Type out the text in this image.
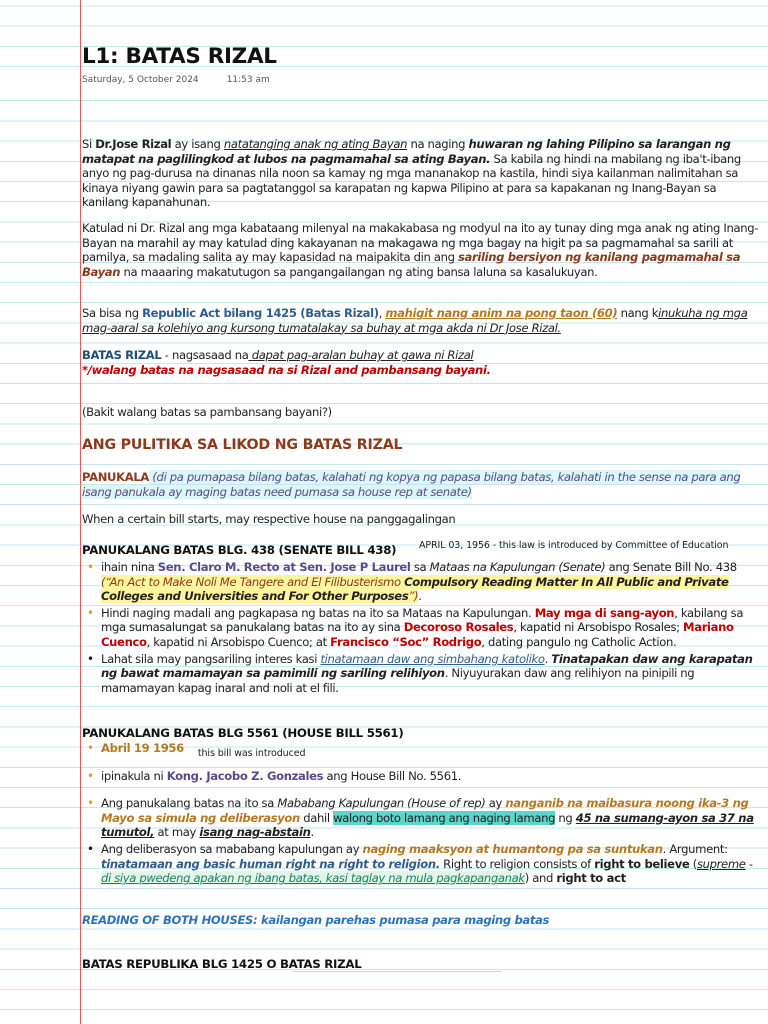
L1: BATAS RIZAL
Saturday, 5 October 2024	11:53 am
Si Dr.Jose Rizal ay isang natatanging anak ng ating Bayan na naging huwaran ng lahing Pilipino sa larangan ng matapat na paglilingkod at lubos na pagmamahal sa ating Bayan. Sa kabila ng hindi na mabilang ng iba't-ibang anyo ng pag-durusa na dinanas nila noon sa kamay ng mga mananakop na kastila, hindi siya kailanman nalimitahan sa kinaya niyang gawin para sa pagtatanggol sa karapatan ng kapwa Pilipino at para sa kapakanan ng Inang-Bayan sa kanilang kapanahunan.
Katulad ni Dr. Rizal ang mga kabataang milenyal na makakabasa ng modyul na ito ay tunay ding mga anak ng ating Inang-Bayan na marahil ay may katulad ding kakayanan na makagawa ng mga bagay na higit pa sa pagmamahal sa sarili at pamilya, sa madaling salita ay may kapasidad na maipakita din ang sariling bersiyon ng kanilang pagmamahal sa Bayan na maaaring makatutugon sa pangangailangan ng ating bansa laluna sa kasalukuyan.
Sa bisa ng Republic Act bilang 1425 (Batas Rizal), mahigit nang anim na pong taon (60) nang kinukuha ng mga mag-aaral sa kolehiyo ang kursong tumatalakay sa buhay at mga akda ni Dr Jose Rizal.
BATAS RIZAL - nagsasaad na dapat pag-aralan buhay at gawa ni Rizal
*/walang batas na nagsasaad na si Rizal and pambansang bayani.
(Bakit walang batas sa pambansang bayani?)
ANG PULITIKA SA LIKOD NG BATAS RIZAL
PANUKALA (di pa pumapasa bilang batas, kalahati ng kopya ng papasa bilang batas, kalahati in the sense na para ang isang panukala ay maging batas need pumasa sa house rep at senate)
When a certain bill starts, may respective house na panggagalingan
PANUKALANG BATAS BLG. 438 (SENATE BILL 438)	APRIL 03, 1956 - this law is introduced by Committee of Education
• ihain nina Sen. Claro M. Recto at Sen. Jose P Laurel sa Mataas na Kapulungan (Senate) ang Senate Bill No. 438 (“An Act to Make Noli Me Tangere and El Filibusterismo Compulsory Reading Matter In All Public and Private Colleges and Universities and For Other Purposes”).
• Hindi naging madali ang pagkapasa ng batas na ito sa Mataas na Kapulungan. May mga di sang-ayon, kabilang sa mga sumasalungat sa panukalang batas na ito ay sina Decoroso Rosales, kapatid ni Arsobispo Rosales; Mariano Cuenco, kapatid ni Arsobispo Cuenco; at Francisco “Soc” Rodrigo, dating pangulo ng Catholic Action.
• Lahat sila may pangsariling interes kasi tinatamaan daw ang simbahang katoliko. Tinatapakan daw ang karapatan ng bawat mamamayan sa pamimili ng sariling relihiyon. Niyuyurakan daw ang relihiyon na pinipili ng mamamayan kapag inaral and noli at el fili.
PANUKALANG BATAS BLG 5561 (HOUSE BILL 5561)
• Abril 19 1956 $_{this bill was introduced}$
• ipinakula ni Kong. Jacobo Z. Gonzales ang House Bill No. 5561.
• Ang panukalang batas na ito sa Mababang Kapulungan (House of rep) ay nanganib na maibasura noong ika-3 ng Mayo sa simula ng deliberasyon dahil walong boto lamang ang naging lamang ng 45 na sumang-ayon sa 37 na tumutol, at may isang nag-abstain.
• Ang deliberasyon sa mababang kapulungan ay naging maaksyon at humantong pa sa suntukan. Argument: tinatamaan ang basic human right na right to religion. Right to religion consists of right to believe (supreme - di siya pwedeng apakan ng ibang batas, kasi taglay na mula pagkapanganak) and right to act
READING OF BOTH HOUSES: kailangan parehas pumasa para maging batas
BATAS REPUBLIKA BLG 1425 O BATAS RIZAL
